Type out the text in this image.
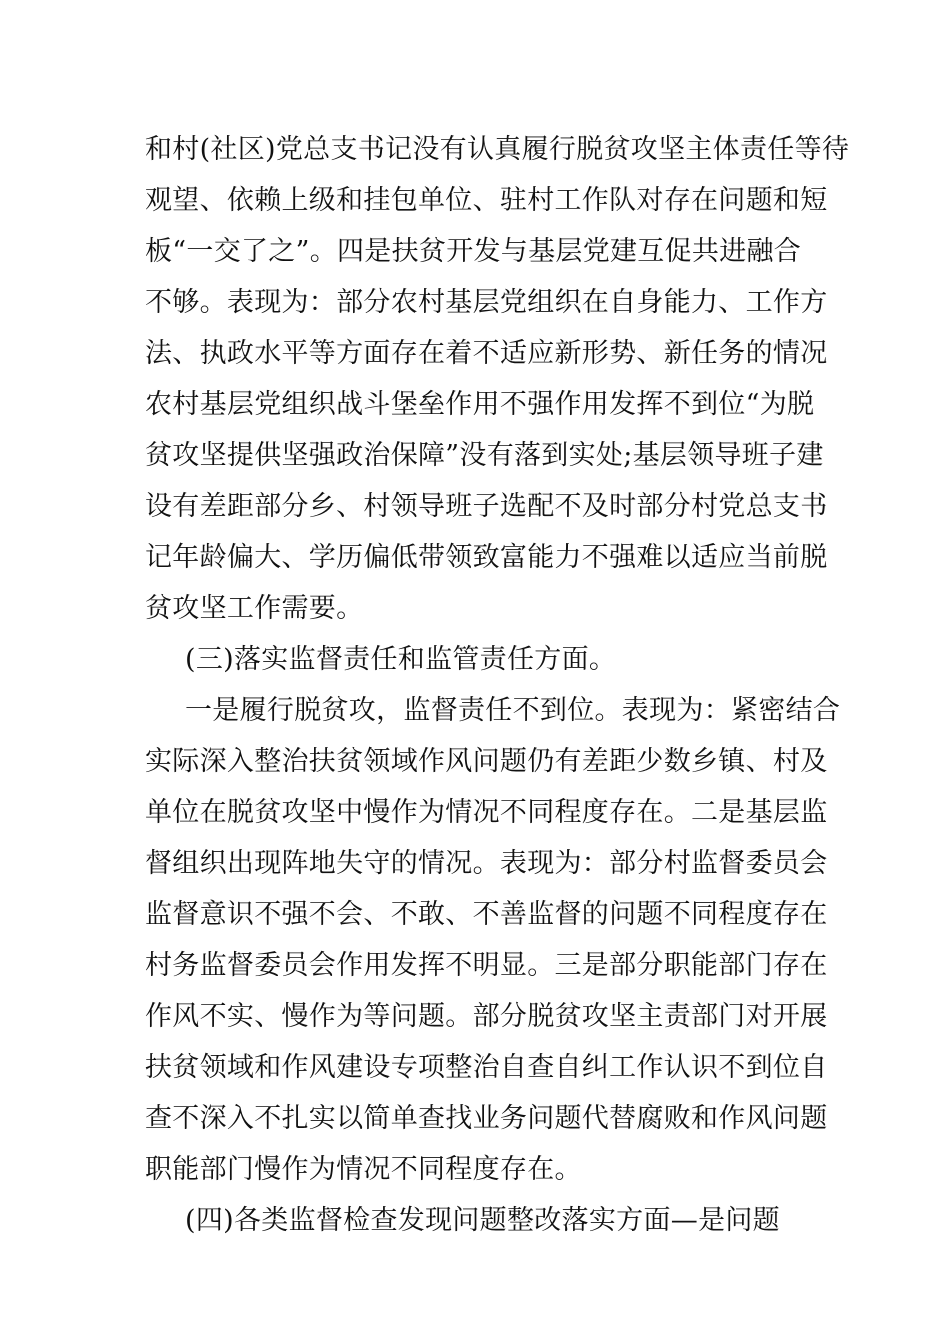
和村(社区)党总支书记没有认真履行脱贫攻坚主体责任等待
观望、依赖上级和挂包单位、驻村工作队对存在问题和短
板“一交了之”。四是扶贫开发与基层党建互促共进融合
不够。表现为：部分农村基层党组织在自身能力、工作方
法、执政水平等方面存在着不适应新形势、新任务的情况
农村基层党组织战斗堡垒作用不强作用发挥不到位“为脱
贫攻坚提供坚强政治保障”没有落到实处;基层领导班子建
设有差距部分乡、村领导班子选配不及时部分村党总支书
记年龄偏大、学历偏低带领致富能力不强难以适应当前脱
贫攻坚工作需要。
(三)落实监督责任和监管责任方面。
一是履行脱贫攻，监督责任不到位。表现为：紧密结合
实际深入整治扶贫领域作风问题仍有差距少数乡镇、村及
单位在脱贫攻坚中慢作为情况不同程度存在。二是基层监
督组织出现阵地失守的情况。表现为：部分村监督委员会
监督意识不强不会、不敢、不善监督的问题不同程度存在
村务监督委员会作用发挥不明显。三是部分职能部门存在
作风不实、慢作为等问题。部分脱贫攻坚主责部门对开展
扶贫领域和作风建设专项整治自查自纠工作认识不到位自
查不深入不扎实以简单查找业务问题代替腐败和作风问题
职能部门慢作为情况不同程度存在。
(四)各类监督检查发现问题整改落实方面—是问题
